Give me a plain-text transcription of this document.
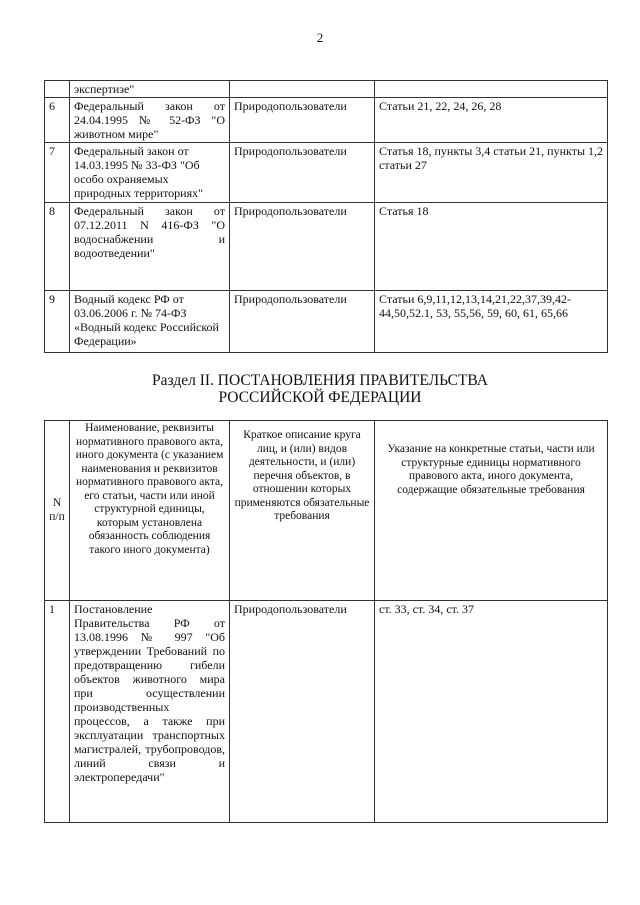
2
	экспертизе"		
6	Федеральный закон от 24.04.1995 № 52-ФЗ "О животном мире"	Природопользователи	Статьи 21, 22, 24, 26, 28
7	Федеральный закон от 14.03.1995 № 33-ФЗ "Об особо охраняемых природных территориях"	Природопользователи	Статья 18, пункты 3,4 статьи 21, пункты 1,2 статьи 27
8	Федеральный закон от 07.12.2011 N 416-ФЗ "О водоснабжении и водоотведении"	Природопользователи	Статья 18
9	Водный кодекс РФ от 03.06.2006 г. № 74-ФЗ «Водный кодекс Российской Федерации»	Природопользователи	Статьи 6,9,11,12,13,14,21,22,37,39,42-44,50,52.1, 53, 55,56, 59, 60, 61, 65,66
Раздел II. ПОСТАНОВЛЕНИЯ ПРАВИТЕЛЬСТВА РОССИЙСКОЙ ФЕДЕРАЦИИ
N п/п	Наименование, реквизиты нормативного правового акта, иного документа (с указанием наименования и реквизитов нормативного правового акта, его статьи, части или иной структурной единицы, которым установлена обязанность соблюдения такого иного документа)	Краткое описание круга лиц, и (или) видов деятельности, и (или) перечня объектов, в отношении которых применяются обязательные требования	Указание на конкретные статьи, части или структурные единицы нормативного правового акта, иного документа, содержащие обязательные требования
1	Постановление Правительства РФ от 13.08.1996 № 997 "Об утверждении Требований по предотвращению гибели объектов животного мира при осуществлении производственных процессов, а также при эксплуатации транспортных магистралей, трубопроводов, линий связи и электропередачи"	Природопользователи	ст. 33, ст. 34, ст. 37
